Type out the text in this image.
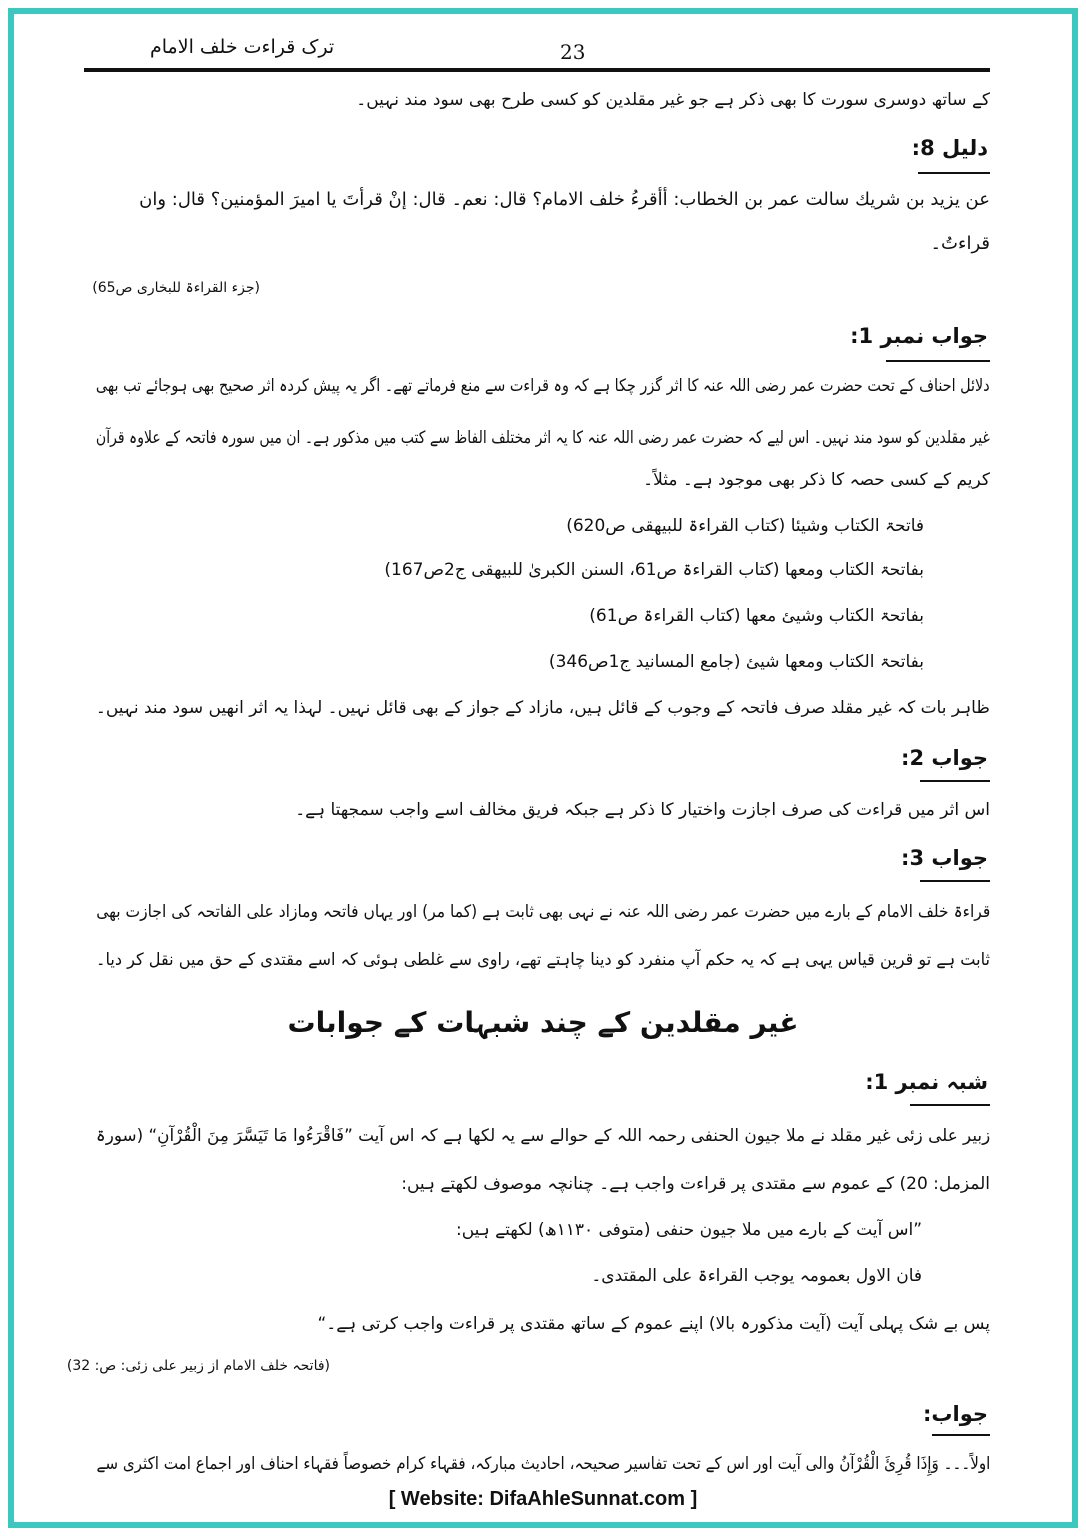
ترک قراءت خلف الامام	23
کے ساتھ دوسری سورت کا بھی ذکر ہے جو غیر مقلدین کو کسی طرح بھی سود مند نہیں۔
دلیل 8:
عن یزید بن شریك سالت عمر بن الخطاب: أأقرءُ خلف الامام؟ قال: نعم۔ قال: إنْ قرأتَ یا امیرَ المؤمنین؟ قال: وان
قراءتُ۔
(جزء القراءۃ للبخاری ص65)
جواب نمبر 1:
دلائل احناف کے تحت حضرت عمر رضی اللہ عنہ کا اثر گزر چکا ہے کہ وہ قراءت سے منع فرماتے تھے۔ اگر یہ پیش کردہ اثر صحیح بھی ہوجائے تب بھی
غیر مقلدین کو سود مند نہیں۔ اس لیے کہ حضرت عمر رضی اللہ عنہ کا یہ اثر مختلف الفاظ سے کتب میں مذکور ہے۔ ان میں سورہ فاتحہ کے علاوہ قرآن
کریم کے کسی حصہ کا ذکر بھی موجود ہے۔ مثلاً۔
فاتحۃ الکتاب وشیئا (کتاب القراءۃ للبیھقی ص620)
بفاتحۃ الکتاب ومعھا (کتاب القراءۃ ص61، السنن الکبریٰ للبیھقی ج2ص167)
بفاتحۃ الکتاب وشیئ معھا (کتاب القراءۃ ص61)
بفاتحۃ الکتاب ومعھا شیئ (جامع المسانید ج1ص346)
ظاہر بات کہ غیر مقلد صرف فاتحہ کے وجوب کے قائل ہیں، مازاد کے جواز کے بھی قائل نہیں۔ لہذا یہ اثر انھیں سود مند نہیں۔
جواب 2:
اس اثر میں قراءت کی صرف اجازت واختیار کا ذکر ہے جبکہ فریق مخالف اسے واجب سمجھتا ہے۔
جواب 3:
قراءۃ خلف الامام کے بارے میں حضرت عمر رضی اللہ عنہ نے نہی بھی ثابت ہے (کما مر) اور یہاں فاتحہ ومازاد علی الفاتحہ کی اجازت بھی
ثابت ہے تو قرین قیاس یہی ہے کہ یہ حکم آپ منفرد کو دینا چاہتے تھے، راوی سے غلطی ہوئی کہ اسے مقتدی کے حق میں نقل کر دیا۔
غیر مقلدین کے چند شبہات کے جوابات
شبہ نمبر 1:
زبیر علی زئی غیر مقلد نے ملا جیون الحنفی رحمہ اللہ کے حوالے سے یہ لکھا ہے کہ اس آیت ”فَاقْرَءُوا مَا تَيَسَّرَ مِنَ الْقُرْآنِ“ (سورۃ
المزمل: 20) کے عموم سے مقتدی پر قراءت واجب ہے۔ چنانچہ موصوف لکھتے ہیں:
”اس آیت کے بارے میں ملا جیون حنفی (متوفی ۱۱۳۰ھ) لکھتے ہیں:
فان الاول بعمومہ یوجب القراءۃ علی المقتدی۔
پس بے شک پہلی آیت (آیت مذکورہ بالا) اپنے عموم کے ساتھ مقتدی پر قراءت واجب کرتی ہے۔“
(فاتحہ خلف الامام از زبیر علی زئی: ص: 32)
جواب:
اولاً۔۔۔ وَإِذَا قُرِئَ الْقُرْآنُ والی آیت اور اس کے تحت تفاسیر صحیحہ، احادیث مبارکہ، فقہاء کرام خصوصاً فقہاء احناف اور اجماع امت اکثری سے
[ Website: DifaAhleSunnat.com ]
